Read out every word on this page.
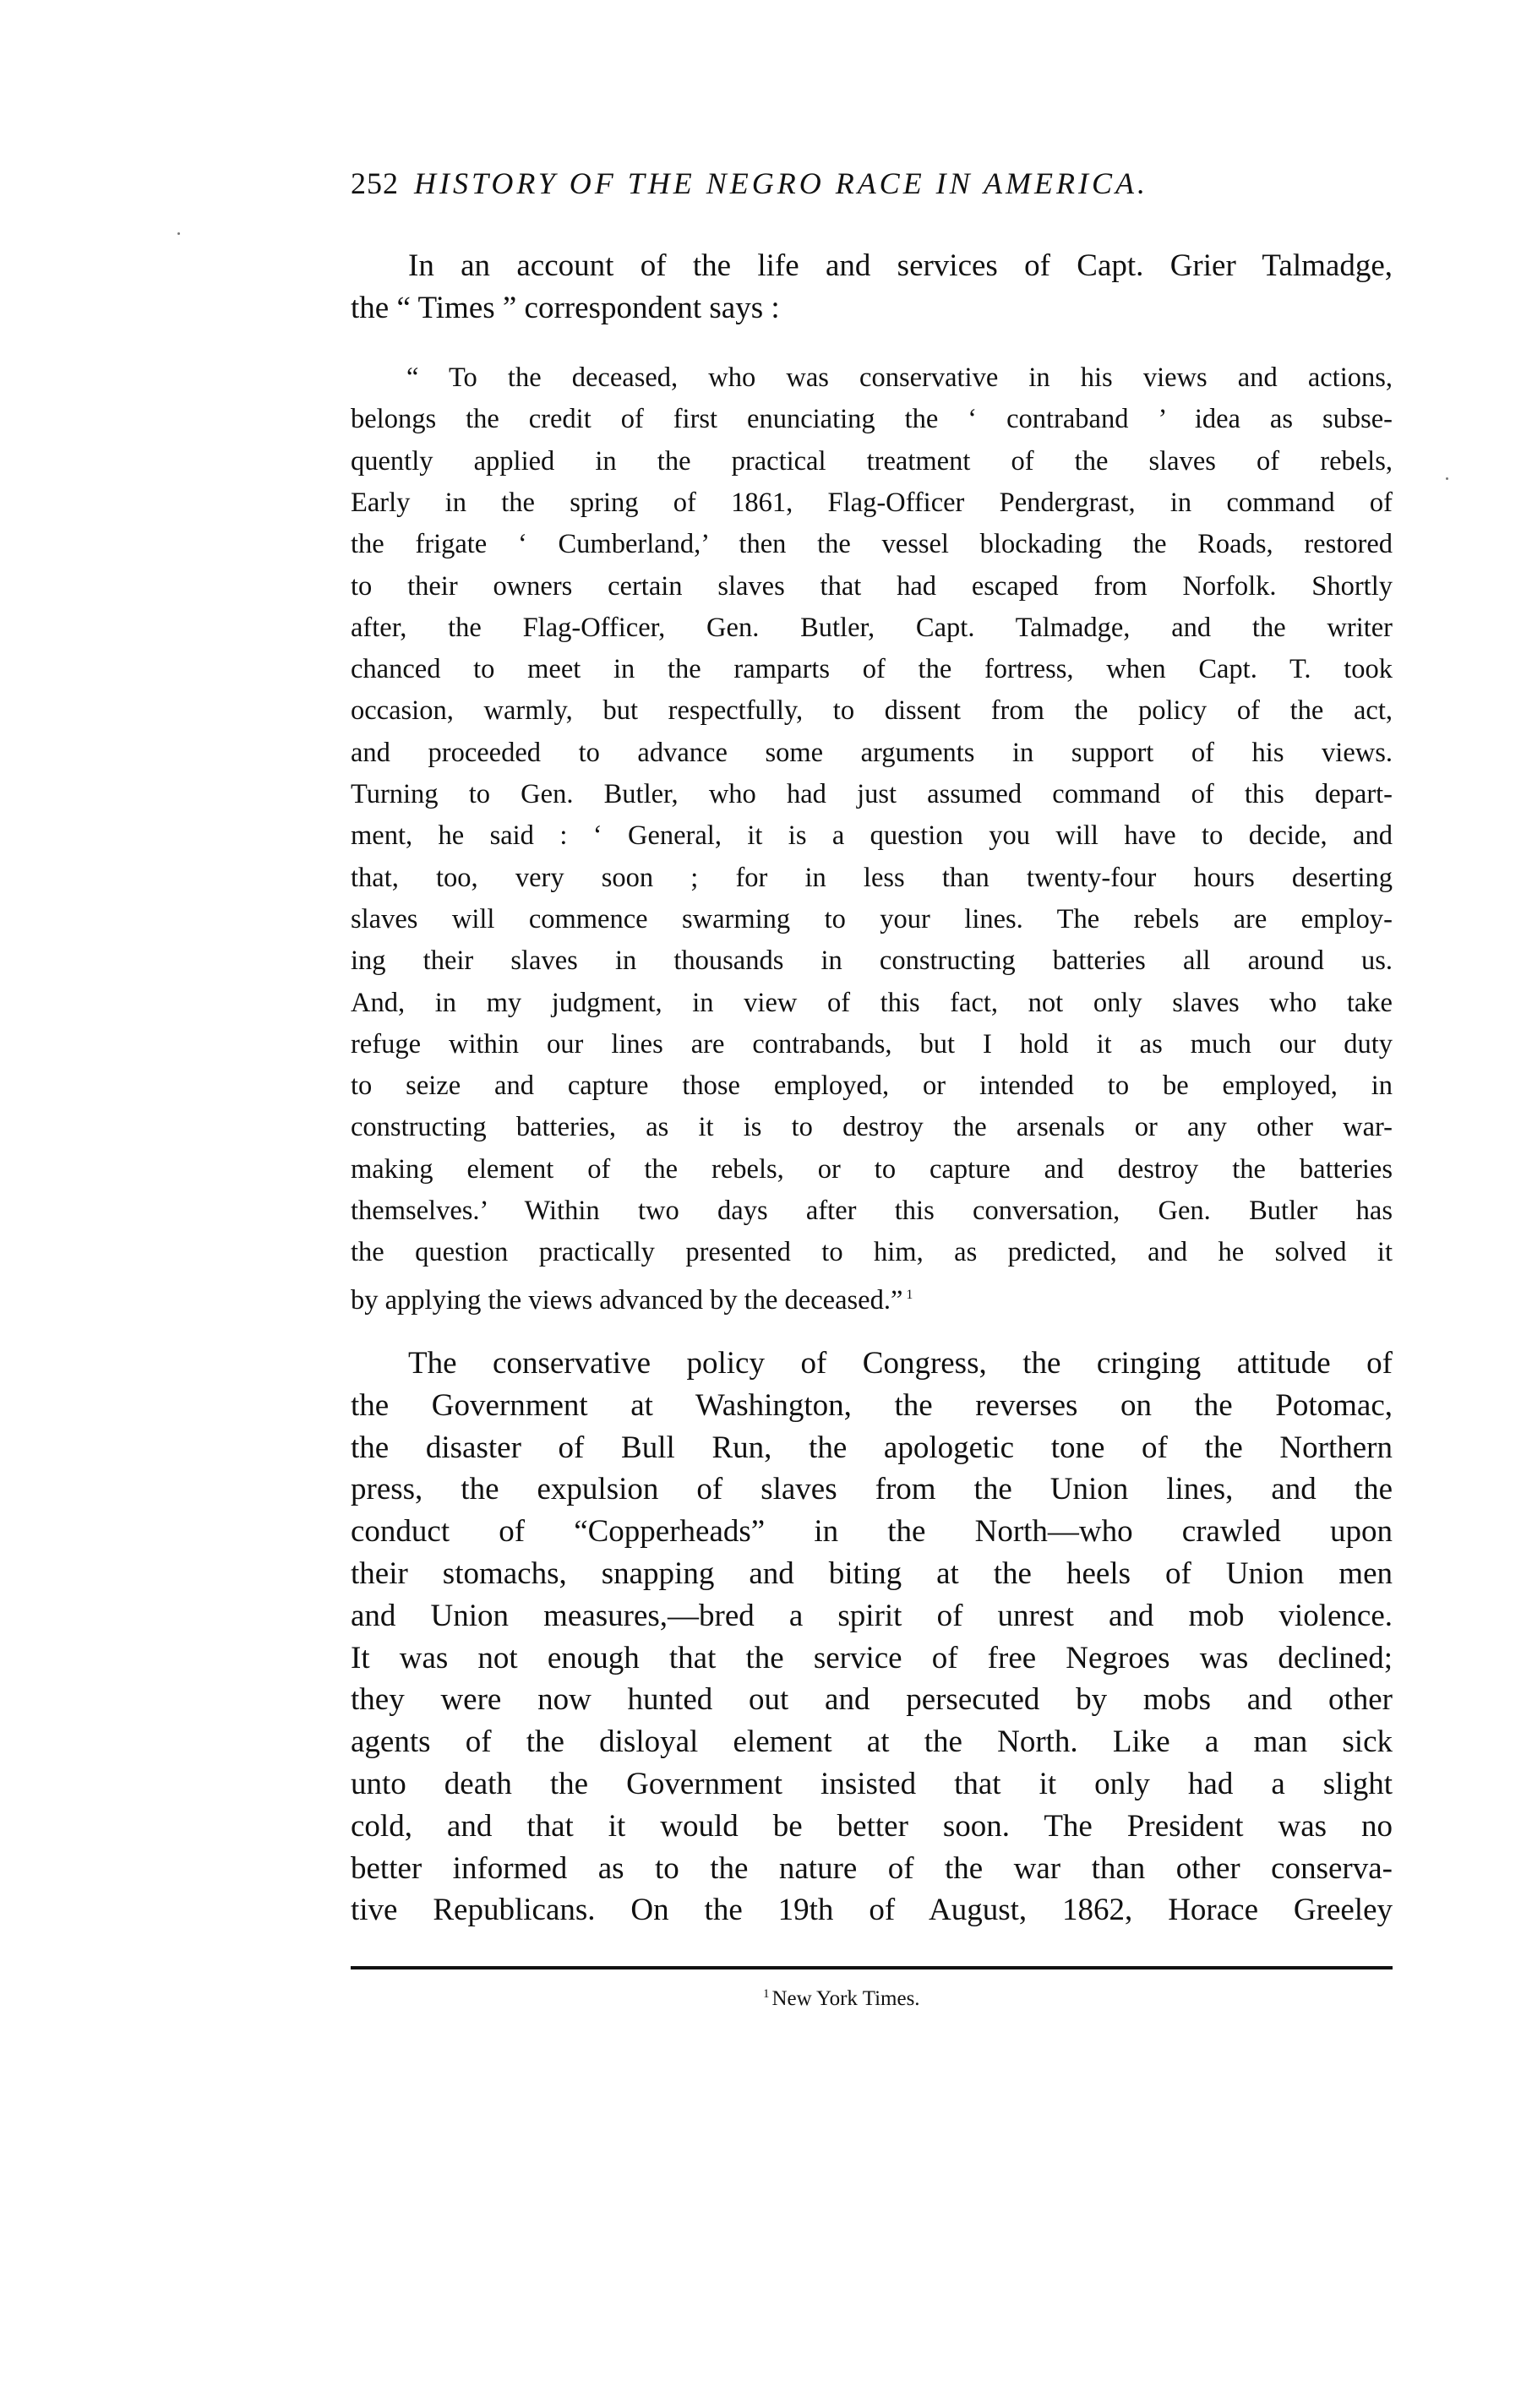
252 HISTORY OF THE NEGRO RACE IN AMERICA.
In an account of the life and services of Capt. Grier Talmadge,
the “ Times ” correspondent says :
“ To the deceased, who was conservative in his views and actions,
belongs the credit of first enunciating the ‘ contraband ’ idea as subse-
quently applied in the practical treatment of the slaves of rebels,
Early in the spring of 1861, Flag-Officer Pendergrast, in command of
the frigate ‘ Cumberland,’ then the vessel blockading the Roads, restored
to their owners certain slaves that had escaped from Norfolk. Shortly
after, the Flag-Officer, Gen. Butler, Capt. Talmadge, and the writer
chanced to meet in the ramparts of the fortress, when Capt. T. took
occasion, warmly, but respectfully, to dissent from the policy of the act,
and proceeded to advance some arguments in support of his views.
Turning to Gen. Butler, who had just assumed command of this depart-
ment, he said : ‘ General, it is a question you will have to decide, and
that, too, very soon ; for in less than twenty-four hours deserting
slaves will commence swarming to your lines. The rebels are employ-
ing their slaves in thousands in constructing batteries all around us.
And, in my judgment, in view of this fact, not only slaves who take
refuge within our lines are contrabands, but I hold it as much our duty
to seize and capture those employed, or intended to be employed, in
constructing batteries, as it is to destroy the arsenals or any other war-
making element of the rebels, or to capture and destroy the batteries
themselves.’ Within two days after this conversation, Gen. Butler has
the question practically presented to him, as predicted, and he solved it
by applying the views advanced by the deceased.” $^1$
The conservative policy of Congress, the cringing attitude of
the Government at Washington, the reverses on the Potomac,
the disaster of Bull Run, the apologetic tone of the Northern
press, the expulsion of slaves from the Union lines, and the
conduct of “Copperheads” in the North—who crawled upon
their stomachs, snapping and biting at the heels of Union men
and Union measures,—bred a spirit of unrest and mob violence.
It was not enough that the service of free Negroes was declined;
they were now hunted out and persecuted by mobs and other
agents of the disloyal element at the North. Like a man sick
unto death the Government insisted that it only had a slight
cold, and that it would be better soon. The President was no
better informed as to the nature of the war than other conserva-
tive Republicans. On the 19th of August, 1862, Horace Greeley
$^1$ New York Times.
